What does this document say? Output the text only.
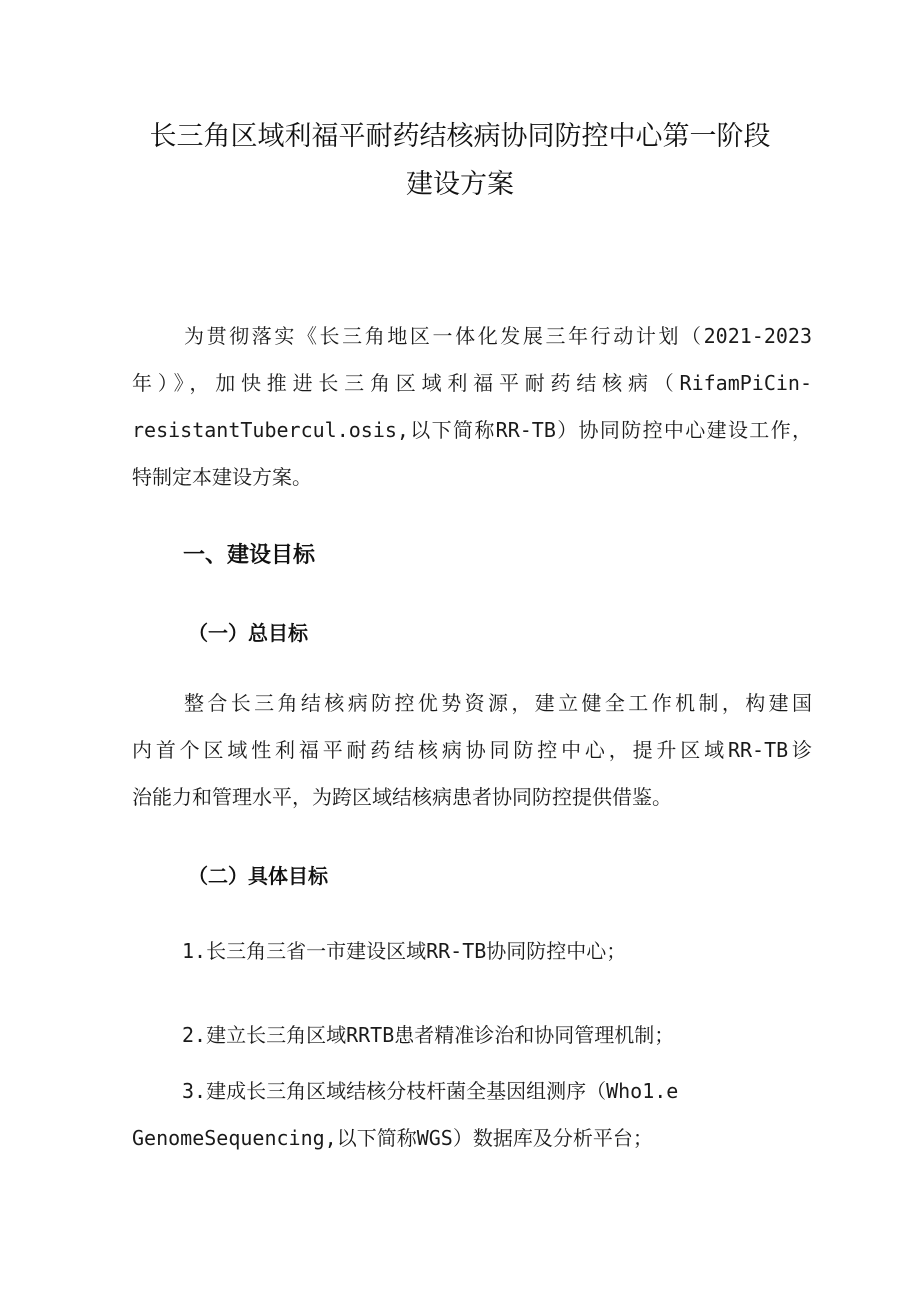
长三角区域利福平耐药结核病协同防控中心第一阶段
建设方案
为贯彻落实《长三角地区一体化发展三年行动计划（2021-2023
年）》，加快推进长三角区域利福平耐药结核病（RifamPiCin-
resistantTubercul.osis,以下简称RR-TB）协同防控中心建设工作，
特制定本建设方案。
一、建设目标
（一）总目标
整合长三角结核病防控优势资源，建立健全工作机制，构建国
内首个区域性利福平耐药结核病协同防控中心，提升区域RR-TB诊
治能力和管理水平，为跨区域结核病患者协同防控提供借鉴。
（二）具体目标
1.长三角三省一市建设区域RR-TB协同防控中心；
2.建立长三角区域RRTB患者精准诊治和协同管理机制；
3.建成长三角区域结核分枝杆菌全基因组测序（Who1.e
GenomeSequencing,以下简称WGS）数据库及分析平台；
